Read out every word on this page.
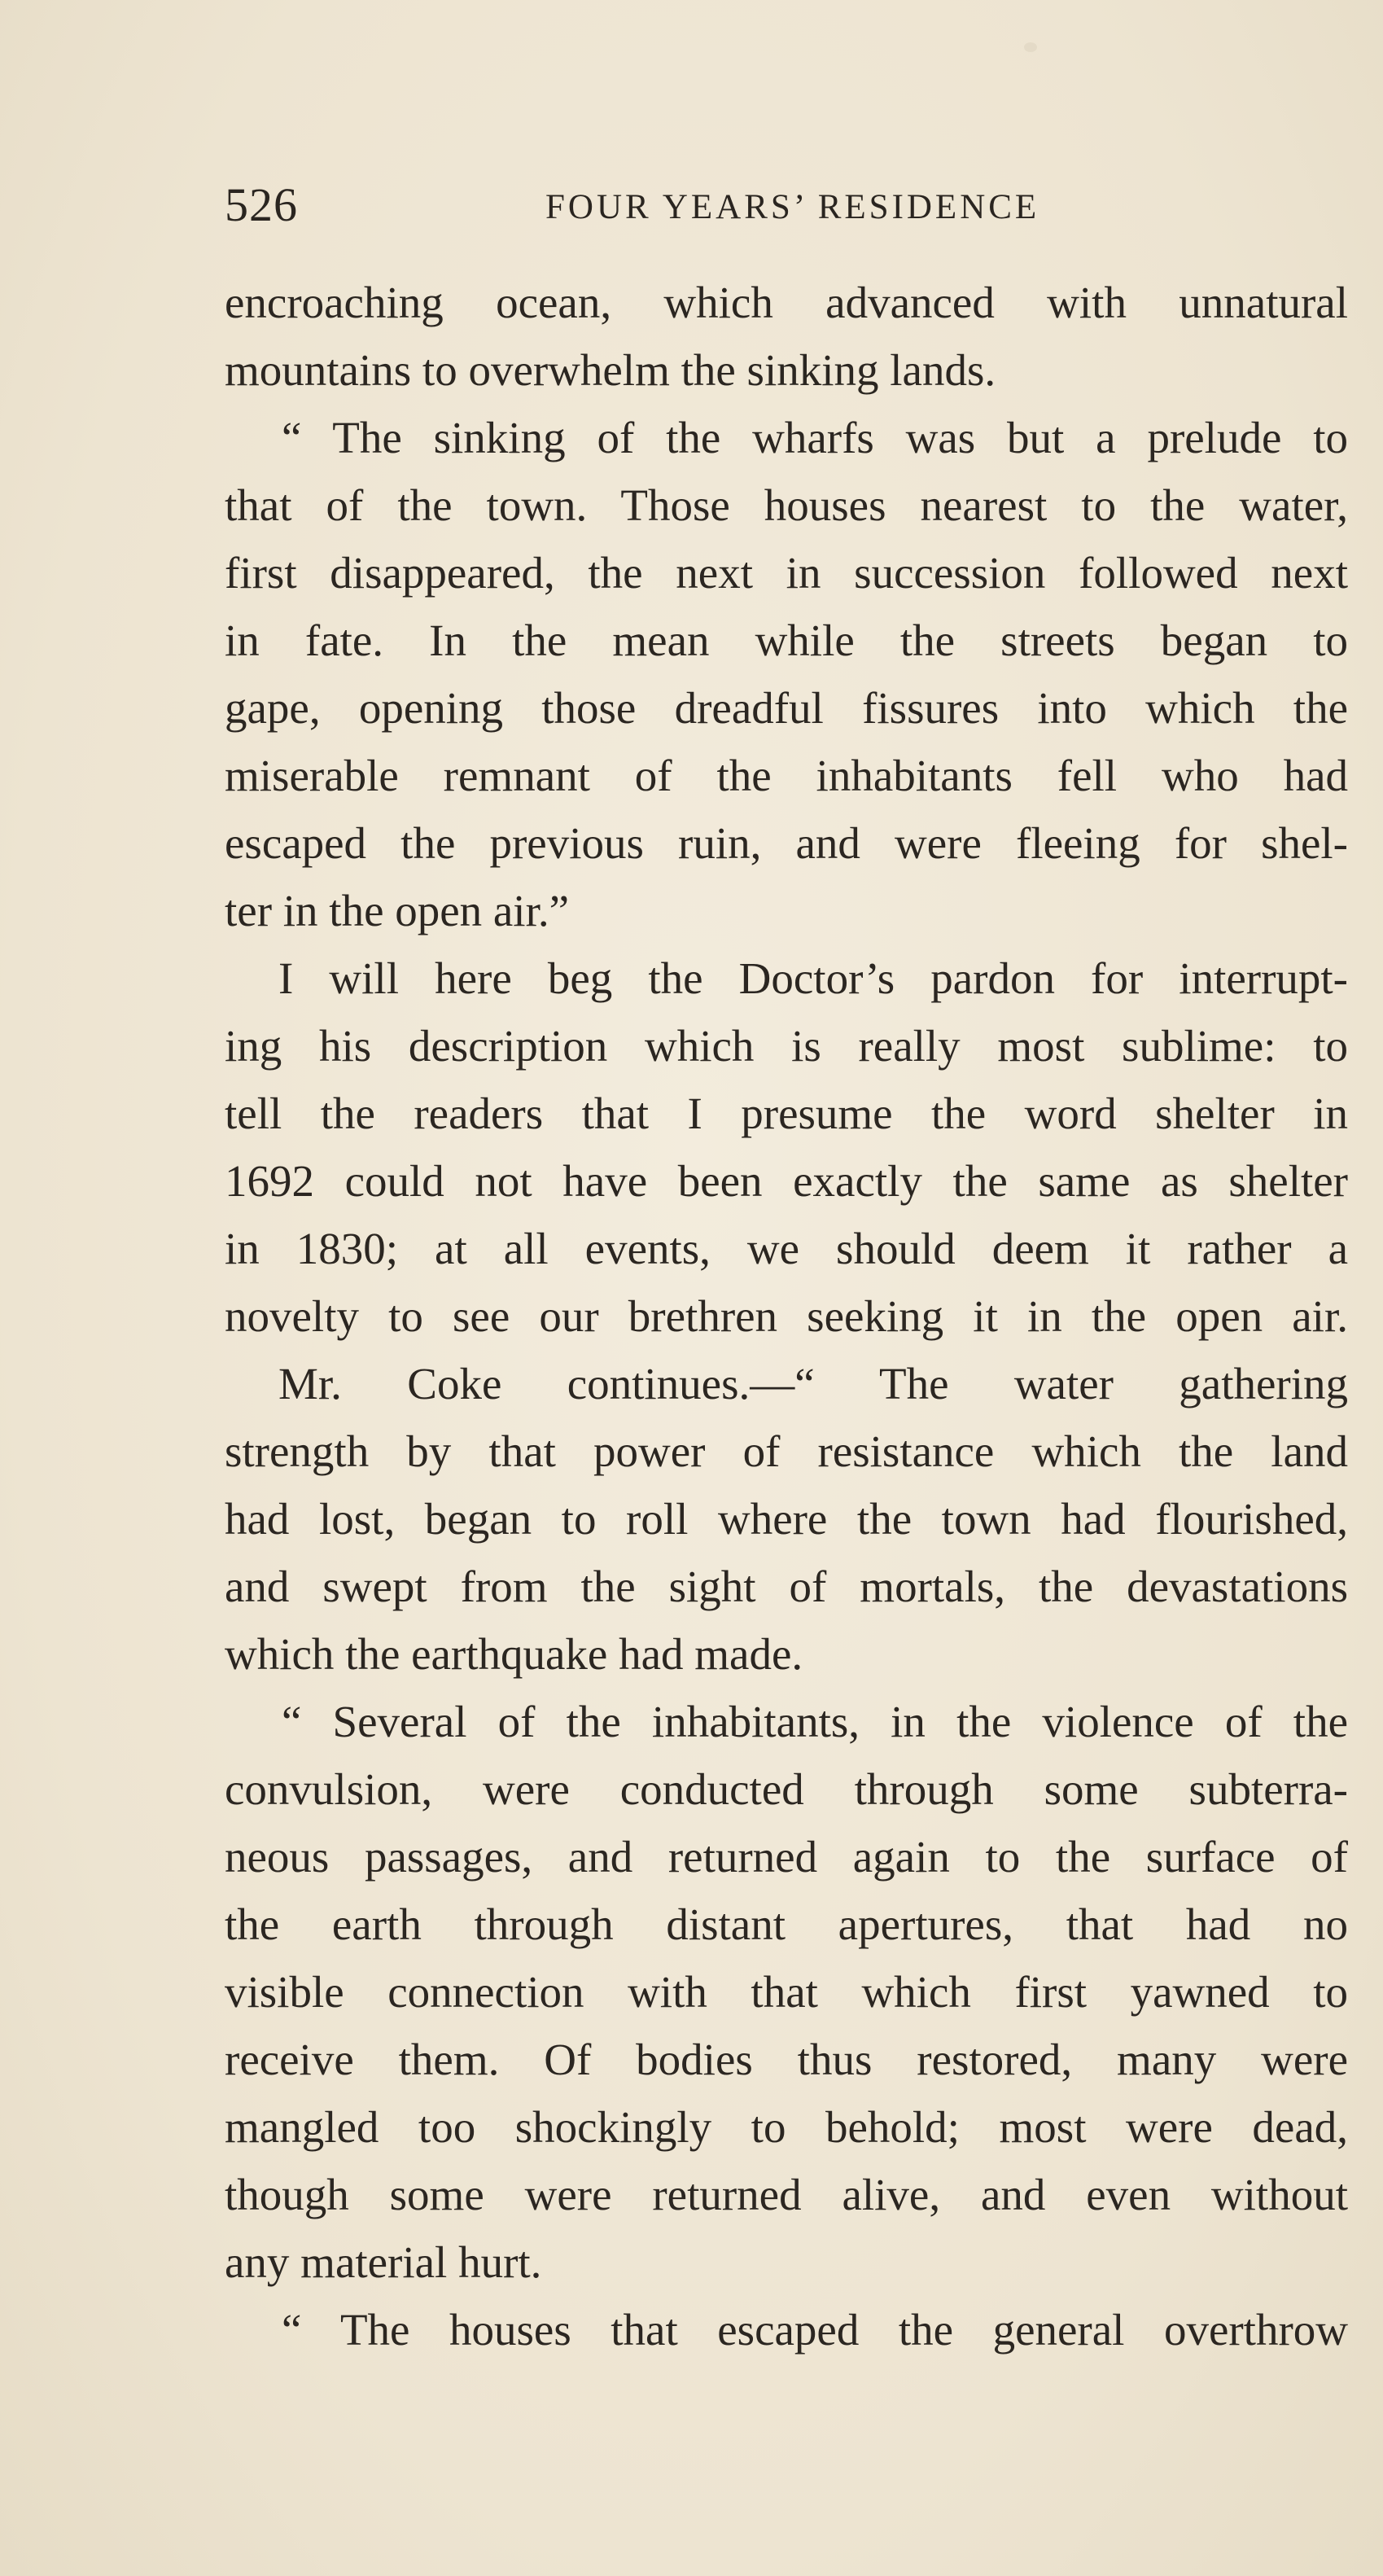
526	FOUR YEARS’ RESIDENCE
encroaching ocean, which advanced with unnatural
mountains to overwhelm the sinking lands.
“ The sinking of the wharfs was but a prelude to
that of the town. Those houses nearest to the water,
first disappeared, the next in succession followed next
in fate. In the mean while the streets began to
gape, opening those dreadful fissures into which the
miserable remnant of the inhabitants fell who had
escaped the previous ruin, and were fleeing for shel-
ter in the open air.”
I will here beg the Doctor’s pardon for interrupt-
ing his description which is really most sublime: to
tell the readers that I presume the word shelter in
1692 could not have been exactly the same as shelter
in 1830; at all events, we should deem it rather a
novelty to see our brethren seeking it in the open air.
Mr. Coke continues.—“ The water gathering
strength by that power of resistance which the land
had lost, began to roll where the town had flourished,
and swept from the sight of mortals, the devastations
which the earthquake had made.
“ Several of the inhabitants, in the violence of the
convulsion, were conducted through some subterra-
neous passages, and returned again to the surface of
the earth through distant apertures, that had no
visible connection with that which first yawned to
receive them. Of bodies thus restored, many were
mangled too shockingly to behold; most were dead,
though some were returned alive, and even without
any material hurt.
“ The houses that escaped the general overthrow
